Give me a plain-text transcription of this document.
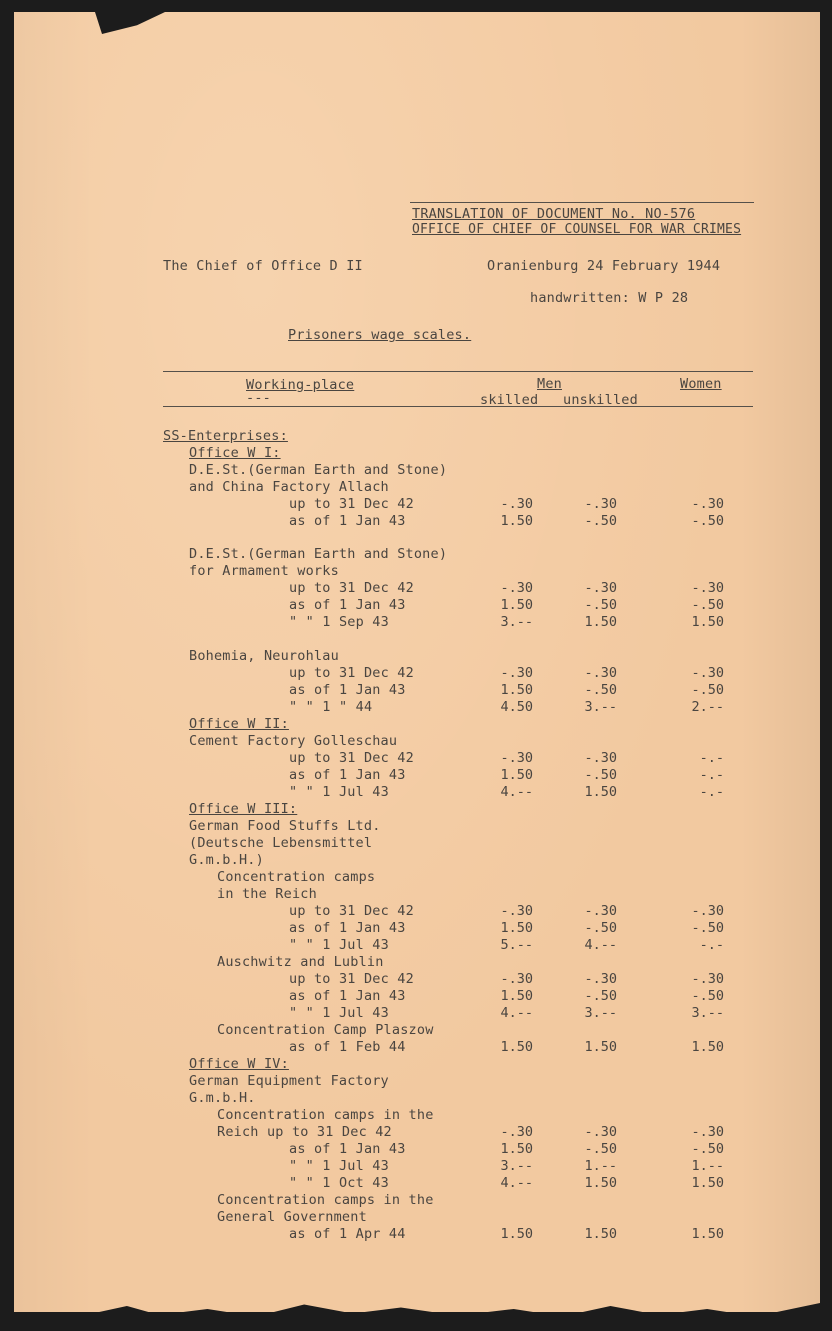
TRANSLATION OF DOCUMENT No. NO-576
OFFICE OF CHIEF OF COUNSEL FOR WAR CRIMES
The Chief of Office D II	Oranienburg 24 February 1944
handwritten: W P 28
Prisoners wage scales.
Working-place
---
Men
skilled unskilled
Women
SS-Enterprises:
Office W I:
D.E.St.(German Earth and Stone)
and China Factory Allach
up to 31 Dec 42	-.30	-.30	-.30
as of 1 Jan 43	1.50	-.50	-.50
D.E.St.(German Earth and Stone)
for Armament works
up to 31 Dec 42	-.30	-.30	-.30
as of 1 Jan 43	1.50	-.50	-.50
" " 1 Sep 43	3.--	1.50	1.50
Bohemia, Neurohlau
up to 31 Dec 42	-.30	-.30	-.30
as of 1 Jan 43	1.50	-.50	-.50
" " 1 " 44	4.50	3.--	2.--
Office W II:
Cement Factory Golleschau
up to 31 Dec 42	-.30	-.30	-.-
as of 1 Jan 43	1.50	-.50	-.-
" " 1 Jul 43	4.--	1.50	-.-
Office W III:
German Food Stuffs Ltd.
(Deutsche Lebensmittel
G.m.b.H.)
Concentration camps
in the Reich
up to 31 Dec 42	-.30	-.30	-.30
as of 1 Jan 43	1.50	-.50	-.50
" " 1 Jul 43	5.--	4.--	-.-
Auschwitz and Lublin
up to 31 Dec 42	-.30	-.30	-.30
as of 1 Jan 43	1.50	-.50	-.50
" " 1 Jul 43	4.--	3.--	3.--
Concentration Camp Plaszow
as of 1 Feb 44	1.50	1.50	1.50
Office W IV:
German Equipment Factory
G.m.b.H.
Concentration camps in the
Reich up to 31 Dec 42	-.30	-.30	-.30
as of 1 Jan 43	1.50	-.50	-.50
" " 1 Jul 43	3.--	1.--	1.--
" " 1 Oct 43	4.--	1.50	1.50
Concentration camps in the
General Government
as of 1 Apr 44	1.50	1.50	1.50
